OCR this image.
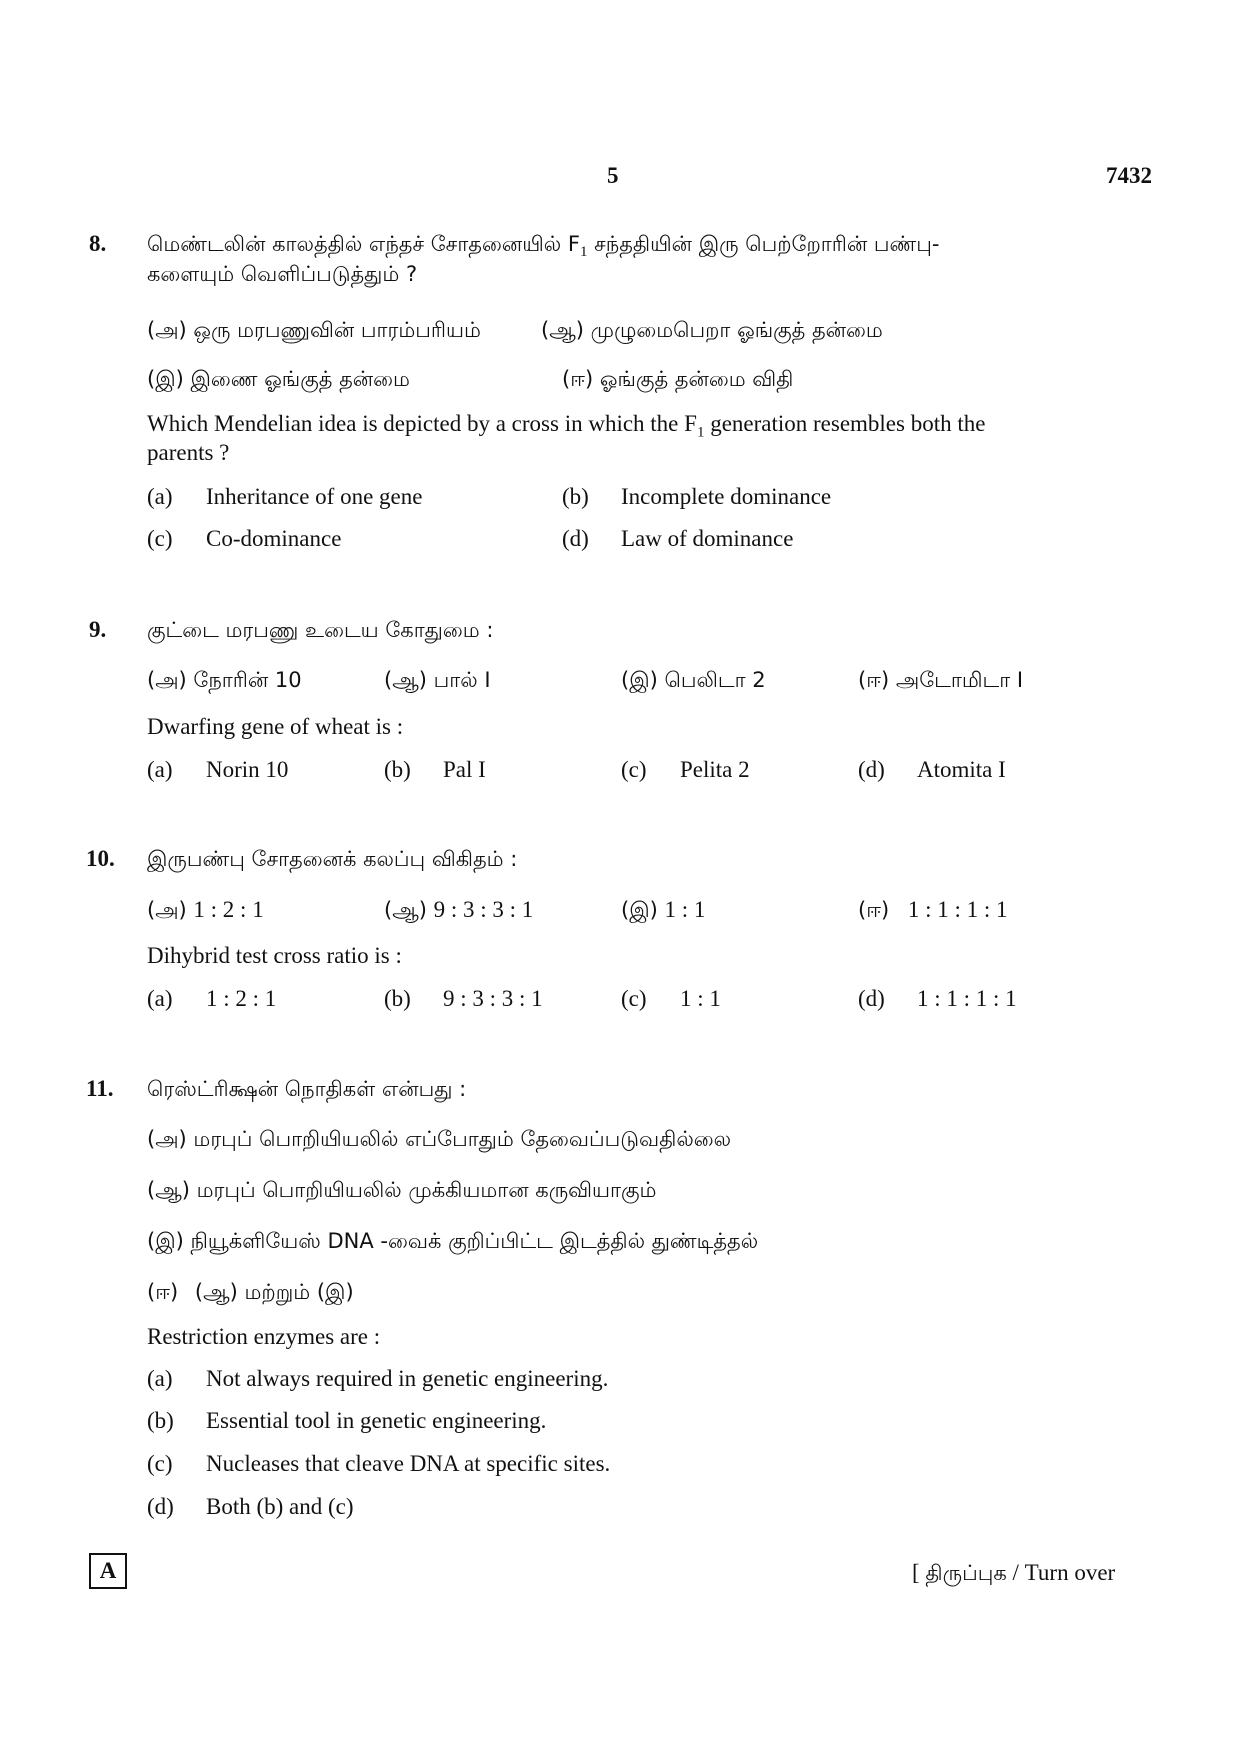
5	7432
8. மெண்டலின் காலத்தில் எந்தச் சோதனையில் $F_1$ சந்ததியின் இரு பெற்றோரின் பண்பு-
களையும் வெளிப்படுத்தும் ?
(அ) ஒரு மரபணுவின் பாரம்பரியம்	(ஆ) முழுமைபெறா ஓங்குத் தன்மை
(இ) இணை ஓங்குத் தன்மை	(ஈ) ஓங்குத் தன்மை விதி
Which Mendelian idea is depicted by a cross in which the $F_1$ generation resembles both the
parents ?
(a) Inheritance of one gene	(b) Incomplete dominance
(c) Co-dominance	(d) Law of dominance
9. குட்டை மரபணு உடைய கோதுமை :
(அ) நோரின் 10	(ஆ) பால் I	(இ) பெலிடா 2	(ஈ) அடோமிடா I
Dwarfing gene of wheat is :
(a) Norin 10	(b) Pal I	(c) Pelita 2	(d) Atomita I
10. இருபண்பு சோதனைக் கலப்பு விகிதம் :
(அ) 1 : 2 : 1	(ஆ) 9 : 3 : 3 : 1	(இ) 1 : 1	(ஈ) 1 : 1 : 1 : 1
Dihybrid test cross ratio is :
(a) 1 : 2 : 1	(b) 9 : 3 : 3 : 1	(c) 1 : 1	(d) 1 : 1 : 1 : 1
11. ரெஸ்ட்ரிக்ஷன் நொதிகள் என்பது :
(அ) மரபுப் பொறியியலில் எப்போதும் தேவைப்படுவதில்லை
(ஆ) மரபுப் பொறியியலில் முக்கியமான கருவியாகும்
(இ) நியூக்ளியேஸ் DNA -வைக் குறிப்பிட்ட இடத்தில் துண்டித்தல்
(ஈ) (ஆ) மற்றும் (இ)
Restriction enzymes are :
(a) Not always required in genetic engineering.
(b) Essential tool in genetic engineering.
(c) Nucleases that cleave DNA at specific sites.
(d) Both (b) and (c)
A	[ திருப்புக / Turn over
